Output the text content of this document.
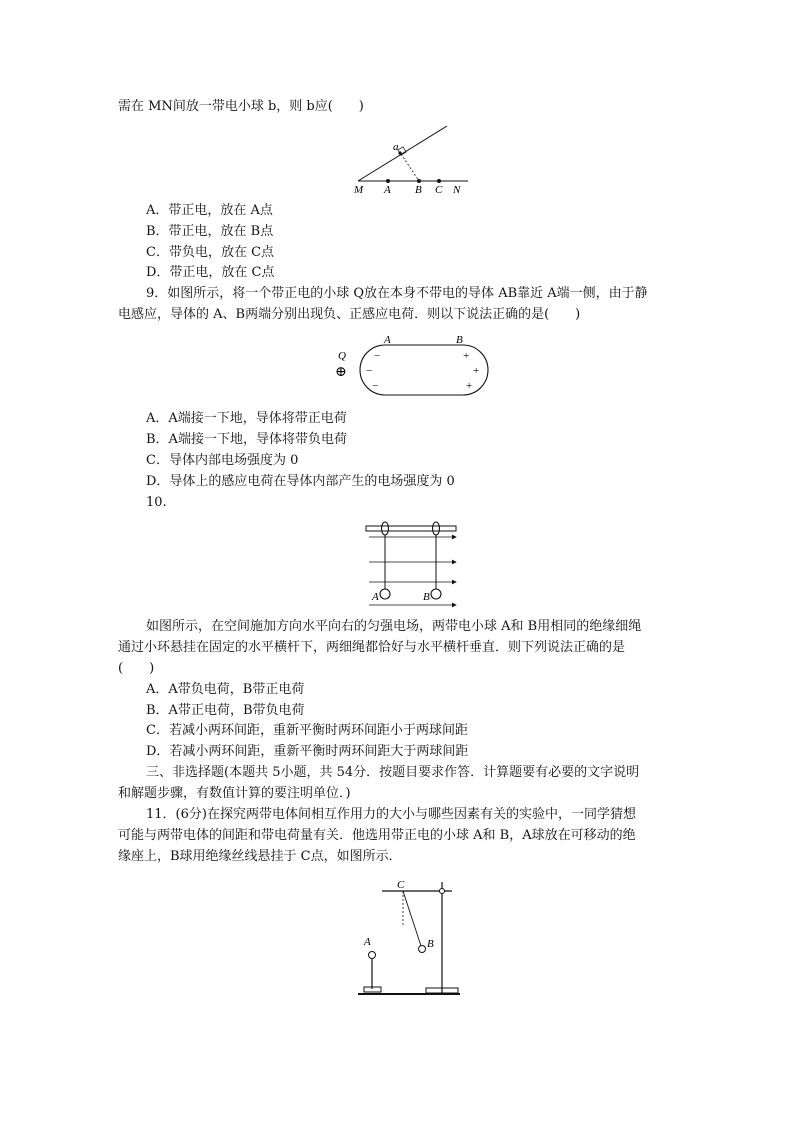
需在 MN间放一带电小球 b，则 b应(　　)
a
M A B C N
A．带正电，放在 A点
B．带正电，放在 B点
C．带负电，放在 C点
D．带正电，放在 C点
9．如图所示，将一个带正电的小球 Q放在本身不带电的导体 AB靠近 A端一侧，由于静
电感应，导体的 A、B两端分别出现负、正感应电荷．则以下说法正确的是(　　)
Q
⊕
A	B
−
−
−
+
+
+
A．A端接一下地，导体将带正电荷
B．A端接一下地，导体将带负电荷
C．导体内部电场强度为 0
D．导体上的感应电荷在导体内部产生的电场强度为 0
10.
A	B
如图所示，在空间施加方向水平向右的匀强电场，两带电小球 A和 B用相同的绝缘细绳
通过小环悬挂在固定的水平横杆下，两细绳都恰好与水平横杆垂直．则下列说法正确的是
(　　)
A．A带负电荷，B带正电荷
B．A带正电荷，B带负电荷
C．若减小两环间距，重新平衡时两环间距小于两球间距
D．若减小两环间距，重新平衡时两环间距大于两球间距
三、非选择题(本题共 5小题，共 54分．按题目要求作答．计算题要有必要的文字说明
和解题步骤，有数值计算的要注明单位．)
11．(6分)在探究两带电体间相互作用力的大小与哪些因素有关的实验中，一同学猜想
可能与两带电体的间距和带电荷量有关．他选用带正电的小球 A和 B，A球放在可移动的绝
缘座上，B球用绝缘丝线悬挂于 C点，如图所示．
C
A	B
